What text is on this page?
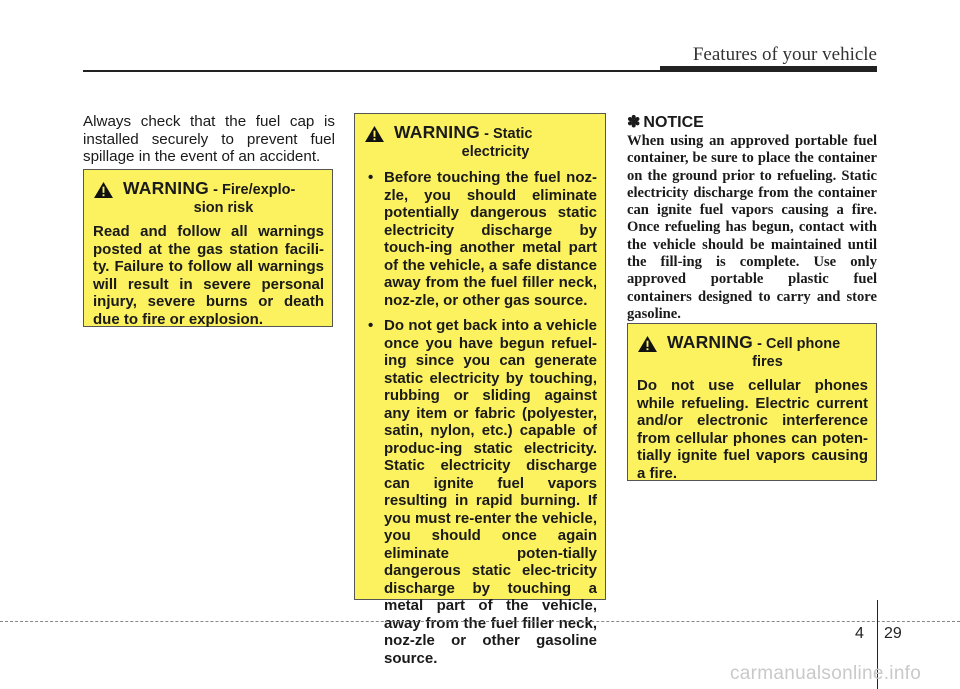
Features of your vehicle
Always check that the fuel cap is installed securely to prevent fuel spillage in the event of an accident.
WARNING - Fire/explo-
sion risk
Read and follow all warnings posted at the gas station facili-ty. Failure to follow all warnings will result in severe personal injury, severe burns or death due to fire or explosion.
WARNING - Static
electricity
• Before touching the fuel noz-zle, you should eliminate potentially dangerous static electricity discharge by touch-ing another metal part of the vehicle, a safe distance away from the fuel filler neck, noz-zle, or other gas source.
• Do not get back into a vehicle once you have begun refuel-ing since you can generate static electricity by touching, rubbing or sliding against any item or fabric (polyester, satin, nylon, etc.) capable of produc-ing static electricity. Static electricity discharge can ignite fuel vapors resulting in rapid burning. If you must re-enter the vehicle, you should once again eliminate poten-tially dangerous static elec-tricity discharge by touching a metal part of the vehicle, away from the fuel filler neck, noz-zle or other gasoline source.
✽ NOTICE
When using an approved portable fuel container, be sure to place the container on the ground prior to refueling. Static electricity discharge from the container can ignite fuel vapors causing a fire. Once refueling has begun, contact with the vehicle should be maintained until the fill-ing is complete. Use only approved portable plastic fuel containers designed to carry and store gasoline.
WARNING - Cell phone
fires
Do not use cellular phones while refueling. Electric current and/or electronic interference from cellular phones can poten-tially ignite fuel vapors causing a fire.
4 29
carmanualsonline.info
